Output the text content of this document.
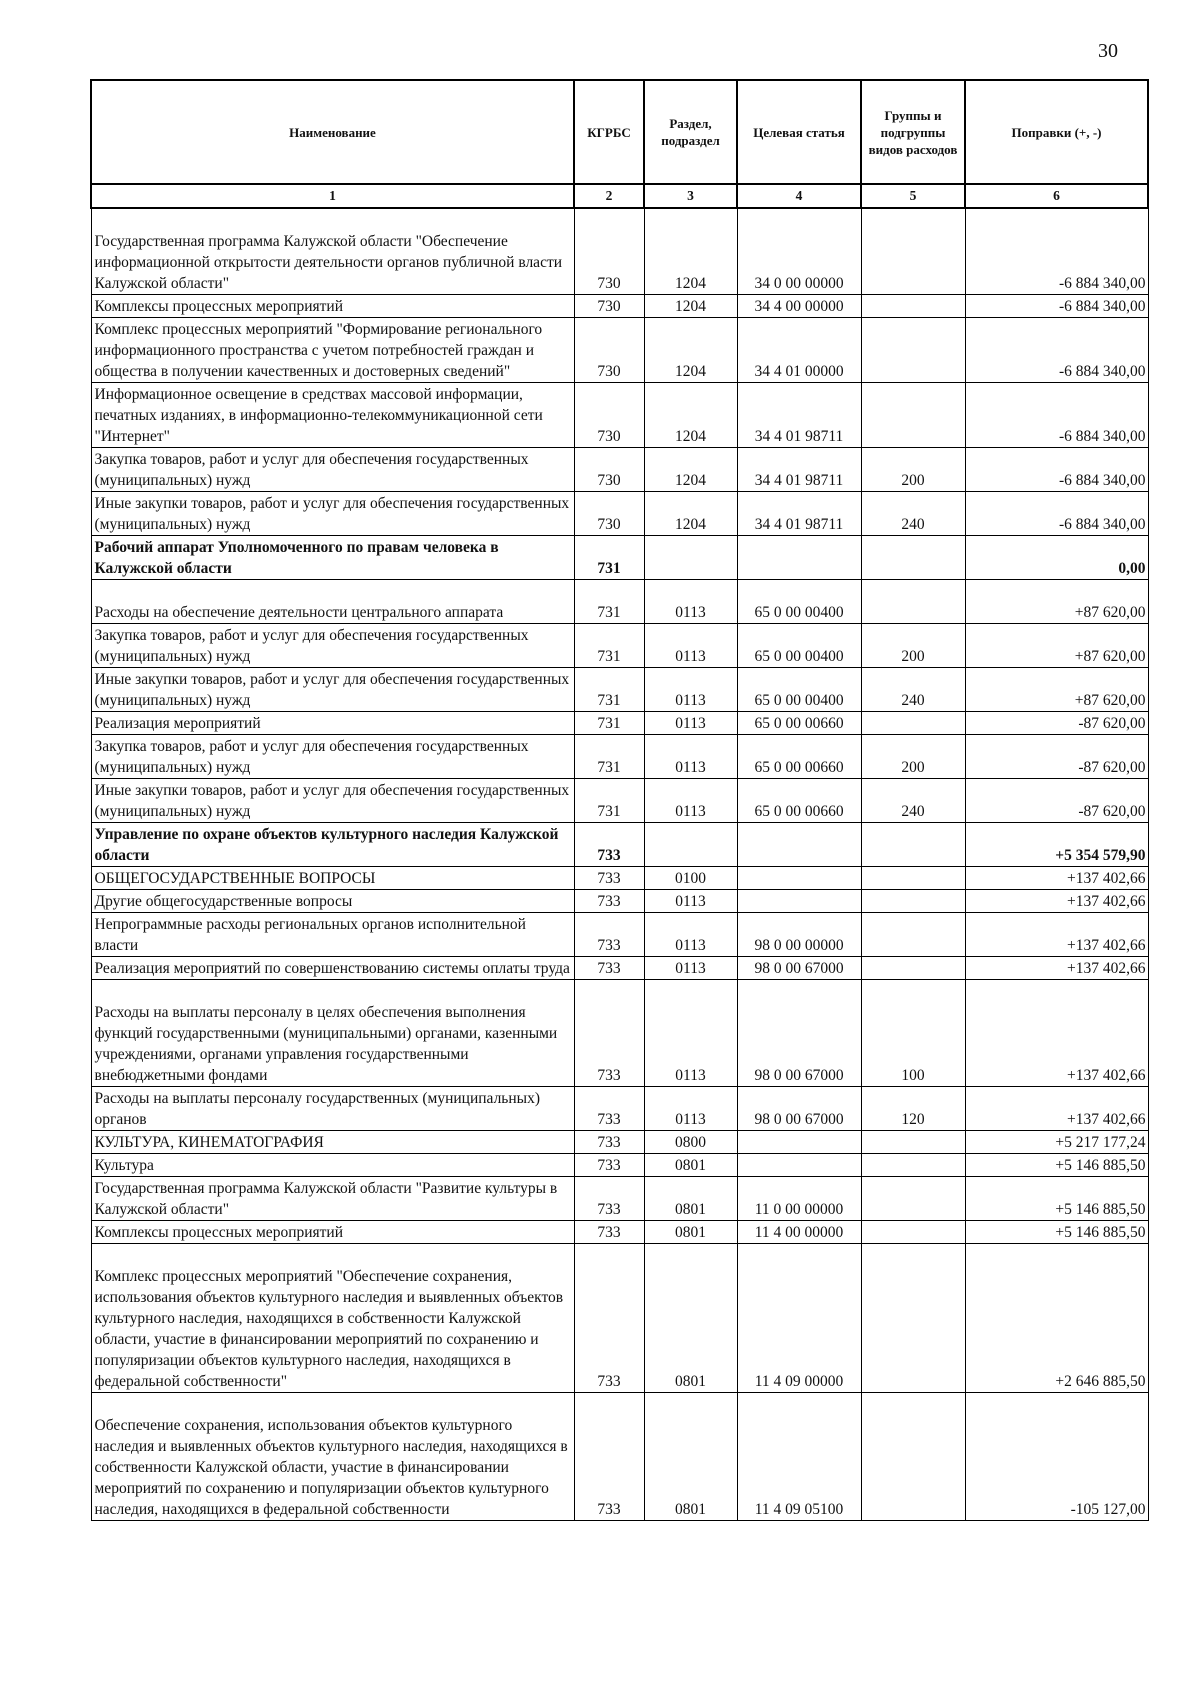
30
Наименование	КГРБС	Раздел, подраздел	Целевая статья	Группы и подгруппы видов расходов	Поправки (+, -)
1	2	3	4	5	6

Государственная программа Калужской области "Обеспечение информационной открытости деятельности органов публичной власти Калужской области"	730	1204	34 0 00 00000		-6 884 340,00
Комплексы процессных мероприятий	730	1204	34 4 00 00000		-6 884 340,00
Комплекс процессных мероприятий "Формирование регионального информационного пространства с учетом потребностей граждан и общества в получении качественных и достоверных сведений"	730	1204	34 4 01 00000		-6 884 340,00
Информационное освещение в средствах массовой информации, печатных изданиях, в информационно-телекоммуникационной сети "Интернет"	730	1204	34 4 01 98711		-6 884 340,00
Закупка товаров, работ и услуг для обеспечения государственных (муниципальных) нужд	730	1204	34 4 01 98711	200	-6 884 340,00
Иные закупки товаров, работ и услуг для обеспечения государственных (муниципальных) нужд	730	1204	34 4 01 98711	240	-6 884 340,00
Рабочий аппарат Уполномоченного по правам человека в Калужской области	731				0,00

Расходы на обеспечение деятельности центрального аппарата	731	0113	65 0 00 00400		+87 620,00
Закупка товаров, работ и услуг для обеспечения государственных (муниципальных) нужд	731	0113	65 0 00 00400	200	+87 620,00
Иные закупки товаров, работ и услуг для обеспечения государственных (муниципальных) нужд	731	0113	65 0 00 00400	240	+87 620,00
Реализация мероприятий	731	0113	65 0 00 00660		-87 620,00
Закупка товаров, работ и услуг для обеспечения государственных (муниципальных) нужд	731	0113	65 0 00 00660	200	-87 620,00
Иные закупки товаров, работ и услуг для обеспечения государственных (муниципальных) нужд	731	0113	65 0 00 00660	240	-87 620,00
Управление по охране объектов культурного наследия Калужской области	733				+5 354 579,90
ОБЩЕГОСУДАРСТВЕННЫЕ ВОПРОСЫ	733	0100			+137 402,66
Другие общегосударственные вопросы	733	0113			+137 402,66
Непрограммные расходы региональных органов исполнительной власти	733	0113	98 0 00 00000		+137 402,66
Реализация мероприятий по совершенствованию системы оплаты труда	733	0113	98 0 00 67000		+137 402,66

Расходы на выплаты персоналу в целях обеспечения выполнения функций государственными (муниципальными) органами, казенными учреждениями, органами управления государственными внебюджетными фондами	733	0113	98 0 00 67000	100	+137 402,66
Расходы на выплаты персоналу государственных (муниципальных) органов	733	0113	98 0 00 67000	120	+137 402,66
КУЛЬТУРА, КИНЕМАТОГРАФИЯ	733	0800			+5 217 177,24
Культура	733	0801			+5 146 885,50
Государственная программа Калужской области "Развитие культуры в Калужской области"	733	0801	11 0 00 00000		+5 146 885,50
Комплексы процессных мероприятий	733	0801	11 4 00 00000		+5 146 885,50

Комплекс процессных мероприятий "Обеспечение сохранения, использования объектов культурного наследия и выявленных объектов культурного наследия, находящихся в собственности Калужской области, участие в финансировании мероприятий по сохранению и популяризации объектов культурного наследия, находящихся в федеральной собственности"	733	0801	11 4 09 00000		+2 646 885,50

Обеспечение сохранения, использования объектов культурного наследия и выявленных объектов культурного наследия, находящихся в собственности Калужской области, участие в финансировании мероприятий по сохранению и популяризации объектов культурного наследия, находящихся в федеральной собственности	733	0801	11 4 09 05100		-105 127,00
